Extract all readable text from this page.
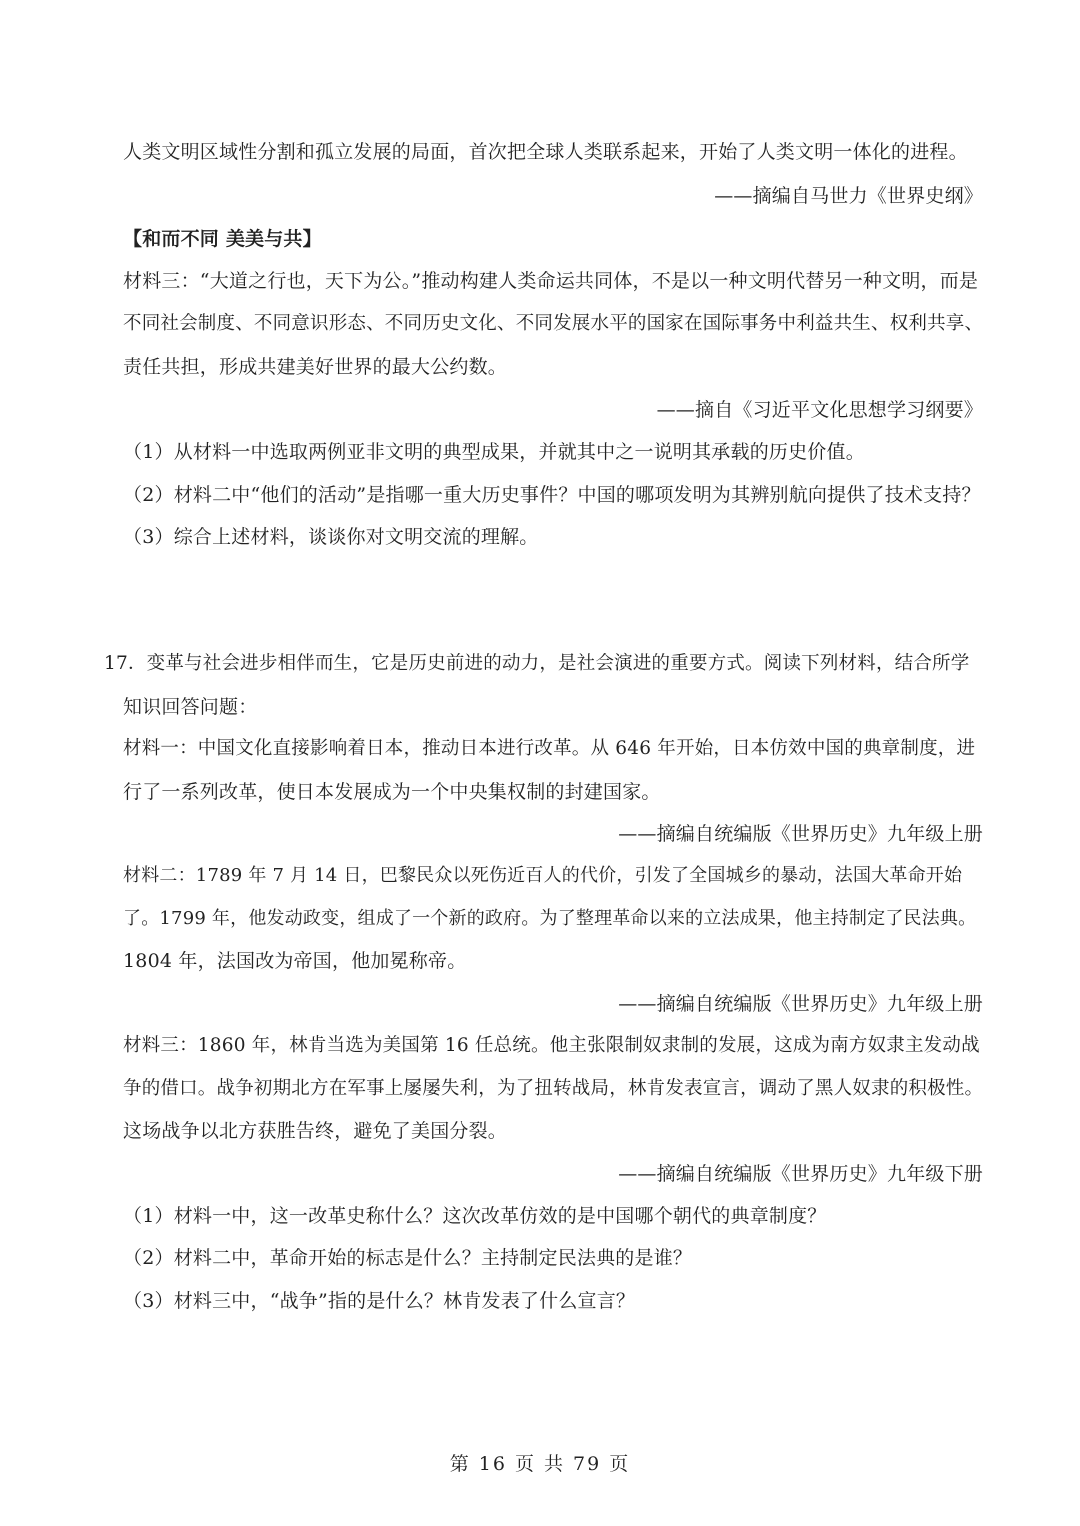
人类文明区域性分割和孤立发展的局面，首次把全球人类联系起来，开始了人类文明一体化的进程。
——摘编自马世力《世界史纲》
【和而不同 美美与共】
材料三：“大道之行也，天下为公。”推动构建人类命运共同体，不是以一种文明代替另一种文明，而是
不同社会制度、不同意识形态、不同历史文化、不同发展水平的国家在国际事务中利益共生、权利共享、
责任共担，形成共建美好世界的最大公约数。
——摘自《习近平文化思想学习纲要》
（1）从材料一中选取两例亚非文明的典型成果，并就其中之一说明其承载的历史价值。
（2）材料二中“他们的活动”是指哪一重大历史事件？中国的哪项发明为其辨别航向提供了技术支持？
（3）综合上述材料，谈谈你对文明交流的理解。
17．变革与社会进步相伴而生，它是历史前进的动力，是社会演进的重要方式。阅读下列材料，结合所学
知识回答问题：
材料一：中国文化直接影响着日本，推动日本进行改革。从 646 年开始，日本仿效中国的典章制度，进
行了一系列改革，使日本发展成为一个中央集权制的封建国家。
——摘编自统编版《世界历史》九年级上册
材料二：1789 年 7 月 14 日，巴黎民众以死伤近百人的代价，引发了全国城乡的暴动，法国大革命开始
了。1799 年，他发动政变，组成了一个新的政府。为了整理革命以来的立法成果，他主持制定了民法典。
1804 年，法国改为帝国，他加冕称帝。
——摘编自统编版《世界历史》九年级上册
材料三：1860 年，林肯当选为美国第 16 任总统。他主张限制奴隶制的发展，这成为南方奴隶主发动战
争的借口。战争初期北方在军事上屡屡失利，为了扭转战局，林肯发表宣言，调动了黑人奴隶的积极性。
这场战争以北方获胜告终，避免了美国分裂。
——摘编自统编版《世界历史》九年级下册
（1）材料一中，这一改革史称什么？这次改革仿效的是中国哪个朝代的典章制度？
（2）材料二中，革命开始的标志是什么？主持制定民法典的是谁？
（3）材料三中，“战争”指的是什么？林肯发表了什么宣言？
第 16 页 共 79 页
